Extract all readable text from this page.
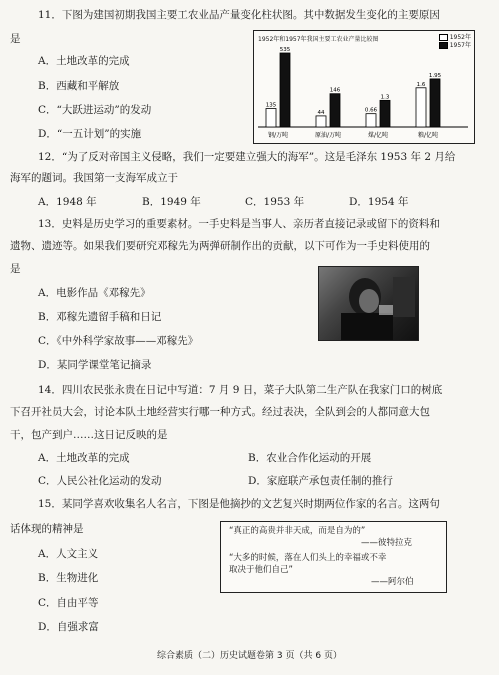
11．下图为建国初期我国主要工农业品产量变化柱状图。其中数据发生变化的主要原因
是
A．土地改革的完成
B．西藏和平解放
C．“大跃进运动”的发动
D．“一五计划”的实施
1952年和1957年我国主要工农业产量比较图	1952年
1957年
135
535
钢/万吨
44
146
原油/万吨
0.66
1.3
煤/亿吨
1.6
1.95
粮/亿吨
12．“为了反对帝国主义侵略，我们一定要建立强大的海军”。这是毛泽东 1953 年 2 月给
海军的题词。我国第一支海军成立于
A．1948 年	B．1949 年	C．1953 年	D．1954 年
13．史料是历史学习的重要素材。一手史料是当事人、亲历者直接记录或留下的资料和
遗物、遗迹等。如果我们要研究邓稼先为两弹研制作出的贡献，以下可作为一手史料使用的
是
A．电影作品《邓稼先》
B．邓稼先遗留手稿和日记
C．《中外科学家故事——邓稼先》
D．某同学课堂笔记摘录
14．四川农民张永贵在日记中写道：7 月 9 日，菜子大队第二生产队在我家门口的树底
下召开社员大会，讨论本队土地经营实行哪一种方式。经过表决，全队到会的人都同意大包
干，包产到户……这日记反映的是
A．土地改革的完成	B．农业合作化运动的开展
C．人民公社化运动的发动	D．家庭联产承包责任制的推行
15．某同学喜欢收集名人名言，下图是他摘抄的文艺复兴时期两位作家的名言。这两句
话体现的精神是
A．人文主义
B．生物进化
C．自由平等
D．自强求富
“真正的高贵并非天成，而是自为的”
——彼特拉克
“大多的时候，落在人们头上的幸福或不幸
取决于他们自己”
——阿尔伯
综合素质（二）历史试题卷第 3 页（共 6 页）
